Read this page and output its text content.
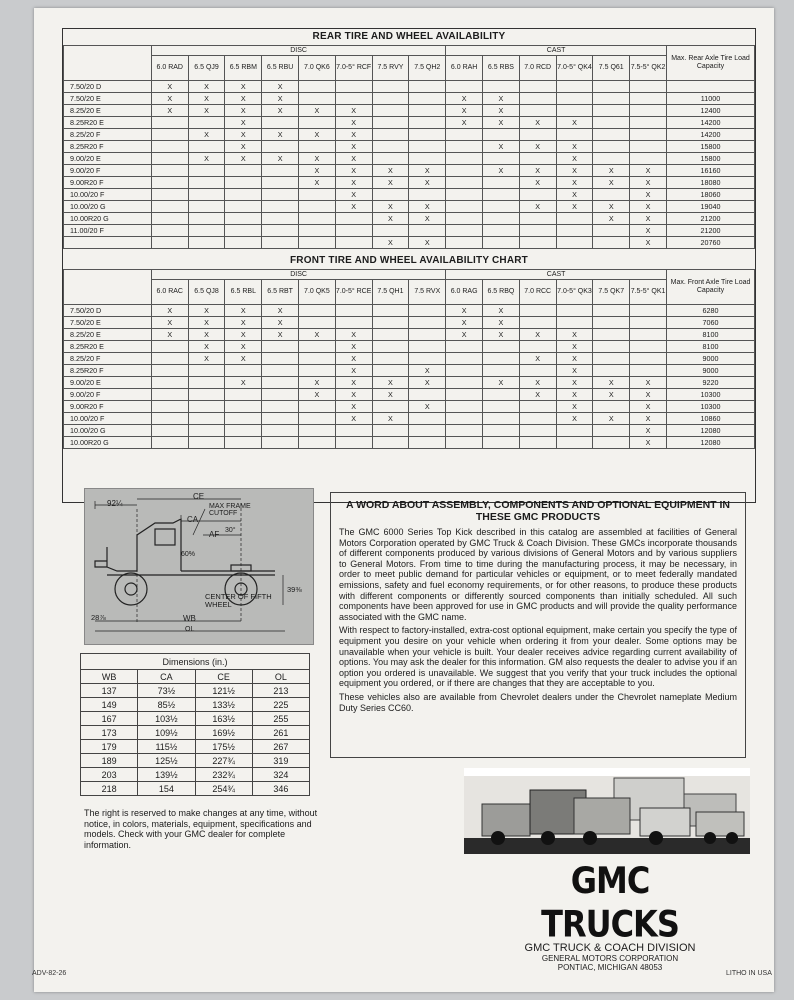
REAR TIRE AND WHEEL AVAILABILITY
	DISC								CAST						Max. Rear Axle Tire Load Capacity
	6.0 RAD	6.5 QJ9	6.5 RBM	6.5 RBU	7.0 QK6	7.0-5° RCF	7.5 RVY	7.5 QH2	6.0 RAH	6.5 RBS	7.0 RCD	7.0-5° QK4	7.5 Q61	7.5-5° QK2	
7.50/20 D	X	X	X	X											
7.50/20 E	X	X	X	X					X	X					11000
8.25/20 E	X	X	X	X	X	X			X	X					12400
8.25R20 E			X			X			X	X	X	X			14200
8.25/20 F		X	X	X	X	X									14200
8.25R20 F			X			X				X	X	X			15800
9.00/20 E		X	X	X	X	X						X			15800
9.00/20 F					X	X	X	X		X	X	X	X	X	16160
9.00R20 F					X	X	X	X			X	X	X	X	18080
10.00/20 F						X						X		X	18060
10.00/20 G						X	X	X			X	X	X	X	19040
10.00R20 G							X	X					X	X	21200
11.00/20 F														X	21200
							X	X						X	20760
FRONT TIRE AND WHEEL AVAILABILITY CHART
	DISC								CAST						Max. Front Axle Tire Load Capacity
	6.0 RAC	6.5 QJ8	6.5 RBL	6.5 RBT	7.0 QK5	7.0-5° RCE	7.5 QH1	7.5 RVX	6.0 RAG	6.5 RBQ	7.0 RCC	7.0-5° QK3	7.5 QK7	7.5-5° QK1	
7.50/20 D	X	X	X	X					X	X					6280
7.50/20 E	X	X	X	X					X	X					7060
8.25/20 E	X	X	X	X	X	X			X	X	X	X			8100
8.25R20 E		X	X			X						X			8100
8.25/20 F		X	X			X					X	X			9000
8.25R20 F						X		X				X			9000
9.00/20 E			X		X	X	X	X		X	X	X	X	X	9220
9.00/20 F					X	X	X				X	X	X	X	10300
9.00R20 F						X		X				X		X	10300
10.00/20 F						X	X					X	X	X	10860
10.00/20 G														X	12080
10.00R20 G														X	12080
92¼
CE
MAX FRAME CUTOFF
CA
AF 30°
60%
CENTER OF FIFTH WHEEL
28⅞	WB
OL
39⅜
Dimensions (in.)			
WB	CA	CE	OL
137	73½	121½	213
149	85½	133½	225
167	103½	163½	255
173	109½	169½	261
179	115½	175½	267
189	125½	227¾	319
203	139½	232¾	324
218	154	254¾	346
The right is reserved to make changes at any time, without notice, in colors, materials, equipment, specifications and models. Check with your GMC dealer for complete information.
A WORD ABOUT ASSEMBLY, COMPONENTS AND OPTIONAL EQUIPMENT IN THESE GMC PRODUCTS

The GMC 6000 Series Top Kick described in this catalog are assembled at facilities of General Motors Corporation operated by GMC Truck & Coach Division. These GMCs incorporate thousands of different components produced by various divisions of General Motors and by various suppliers to General Motors. From time to time during the manufacturing process, it may be necessary, in order to meet public demand for particular vehicles or equipment, or to meet federally mandated emissions, safety and fuel economy requirements, or for other reasons, to produce these products with different components or differently sourced components than initially scheduled. All such components have been approved for use in GMC products and will provide the quality performance associated with the GMC name.

With respect to factory-installed, extra-cost optional equipment, make certain you specify the type of equipment you desire on your vehicle when ordering it from your dealer. Some options may be unavailable when your vehicle is built. Your dealer receives advice regarding current availability of options. You may ask the dealer for this information. GM also requests the dealer to advise you if an option you ordered is unavailable. We suggest that you verify that your truck includes the optional equipment you ordered, or if there are changes that they are acceptable to you.

These vehicles also are available from Chevrolet dealers under the Chevrolet nameplate Medium Duty Series CC60.

GMC TRUCKS
GMC TRUCK & COACH DIVISION
GENERAL MOTORS CORPORATION
PONTIAC, MICHIGAN 48053
ADV-82-26	LITHO IN USA
